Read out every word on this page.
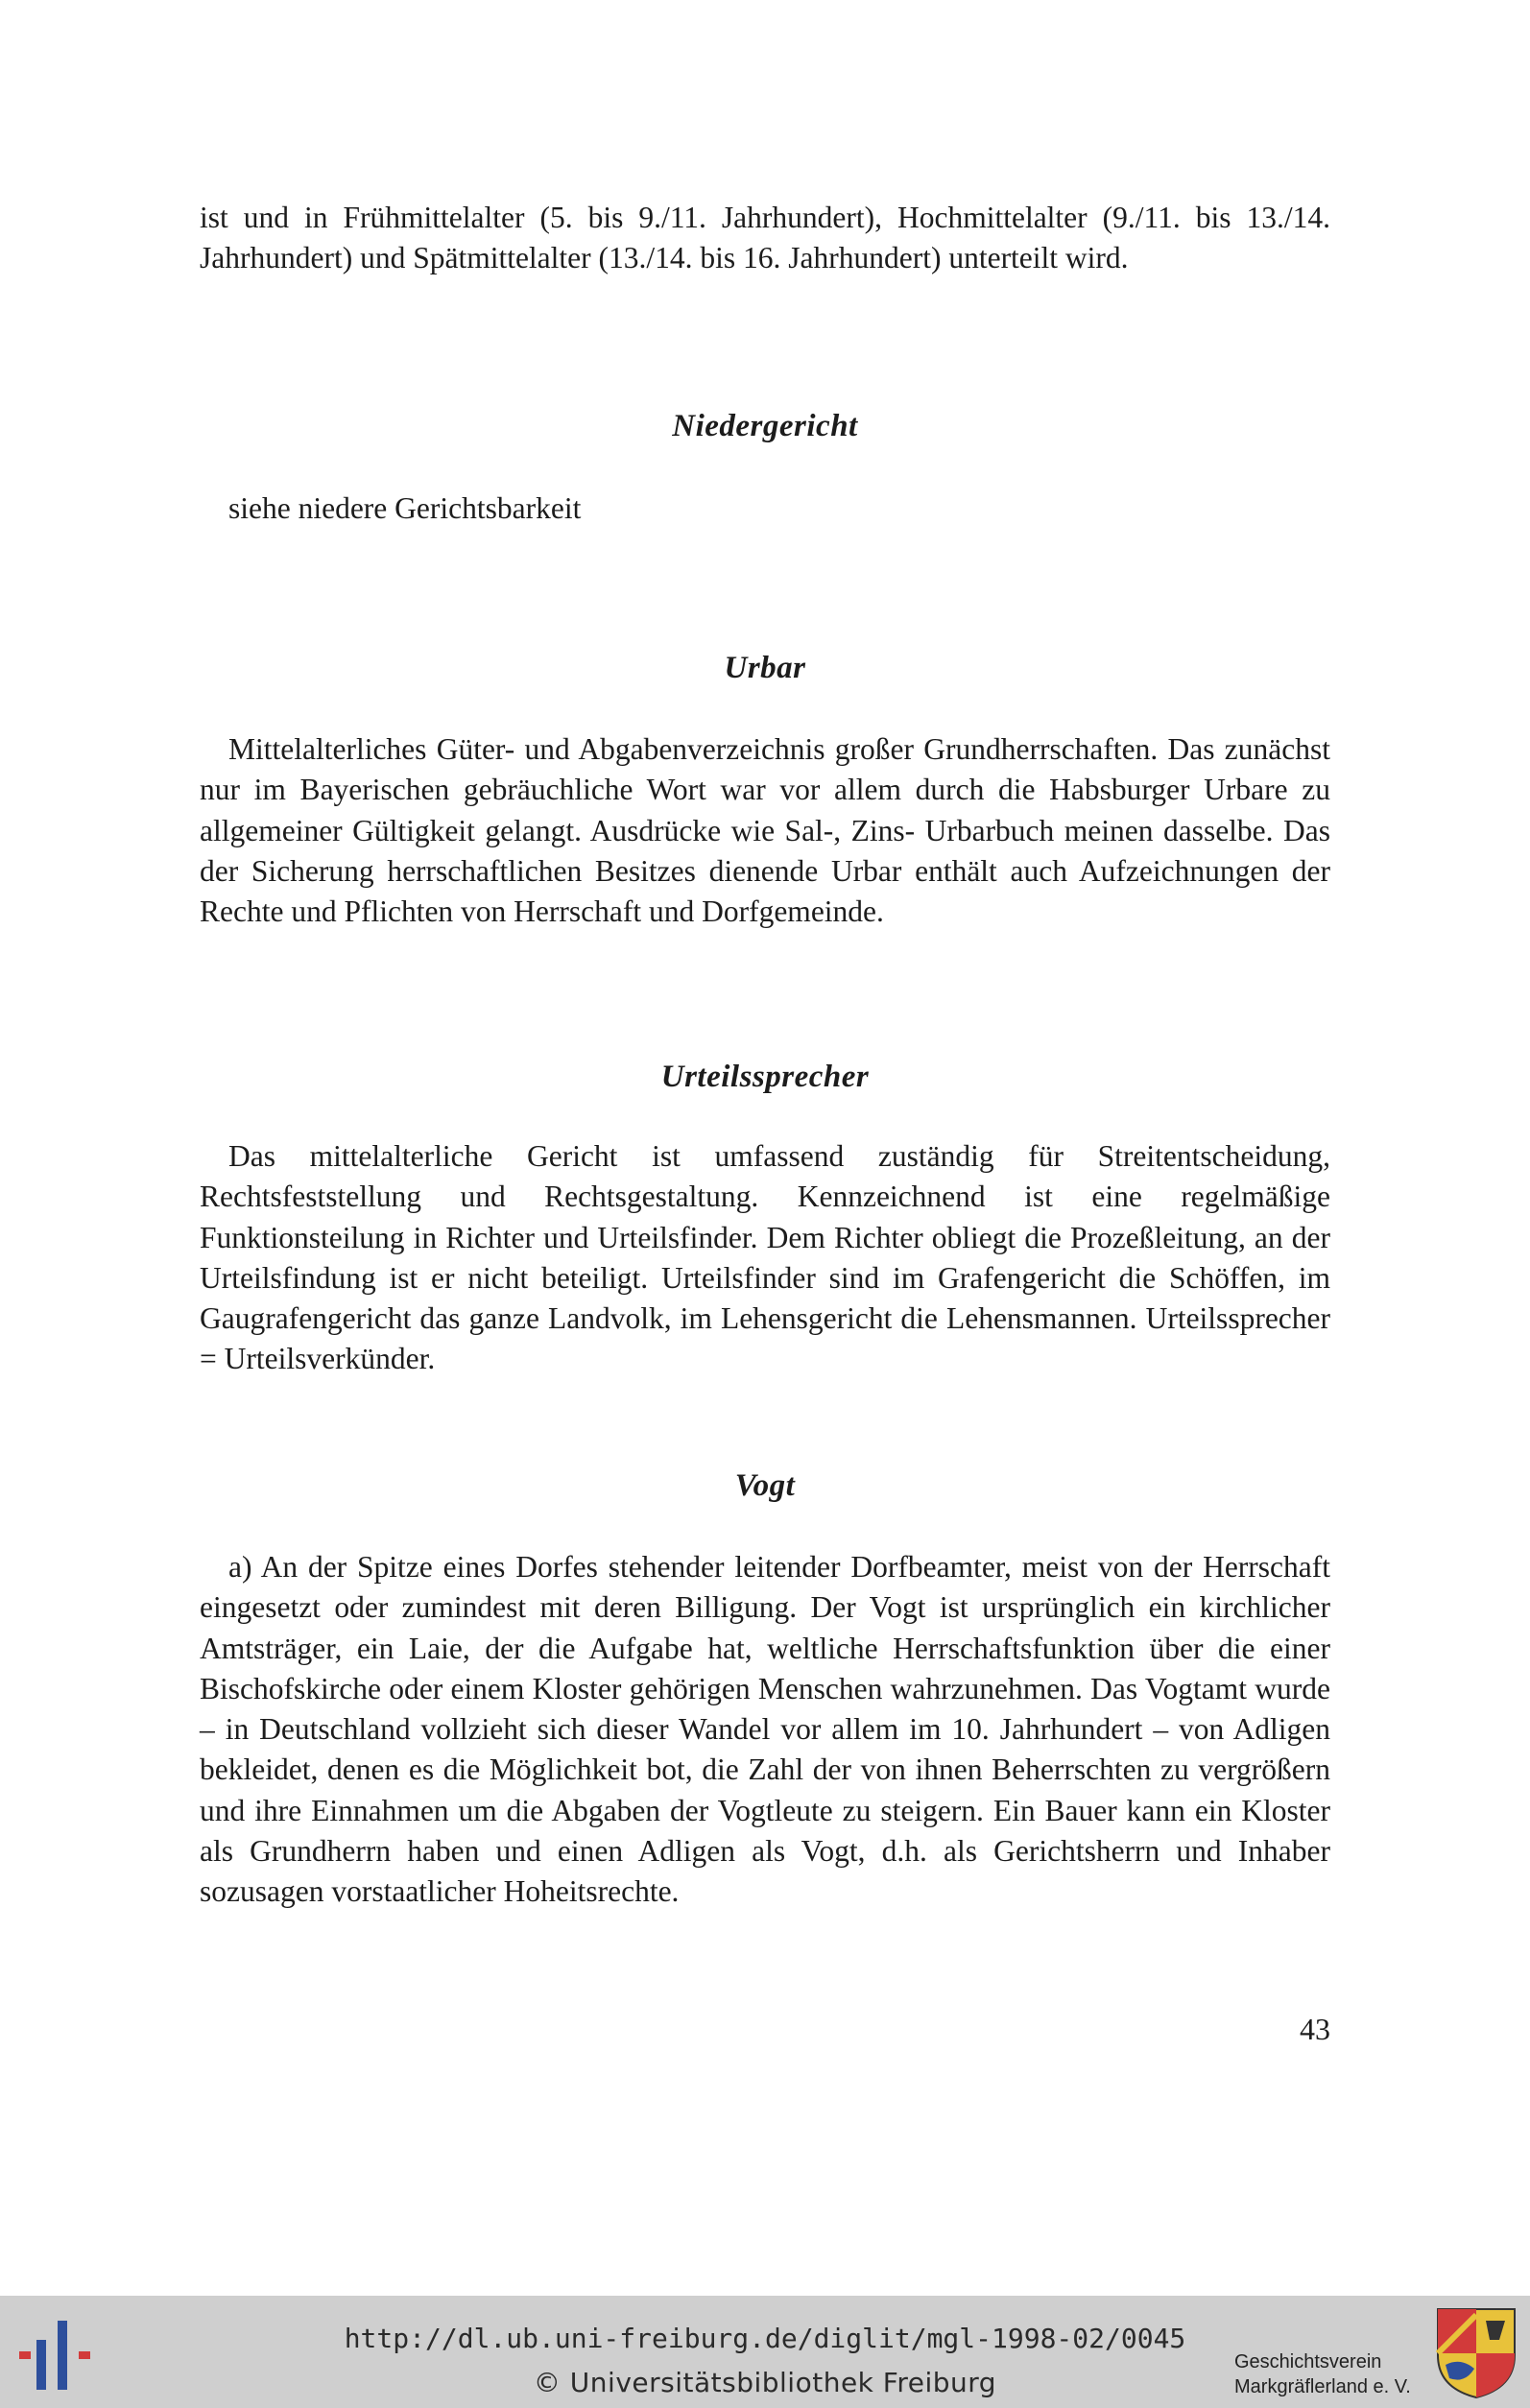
ist und in Frühmittelalter (5. bis 9./11. Jahrhundert), Hochmittelalter (9./11. bis 13./14. Jahrhundert) und Spätmittelalter (13./14. bis 16. Jahrhundert) unterteilt wird.

Niedergericht

siehe niedere Gerichtsbarkeit

Urbar

Mittelalterliches Güter- und Abgabenverzeichnis großer Grundherrschaften. Das zunächst nur im Bayerischen gebräuchliche Wort war vor allem durch die Habsburger Urbare zu allgemeiner Gültigkeit gelangt. Ausdrücke wie Sal-, Zins- Urbarbuch meinen dasselbe. Das der Sicherung herrschaftlichen Besitzes dienende Urbar enthält auch Aufzeichnungen der Rechte und Pflichten von Herrschaft und Dorfgemeinde.

Urteilssprecher

Das mittelalterliche Gericht ist umfassend zuständig für Streitentscheidung, Rechtsfeststellung und Rechtsgestaltung. Kennzeichnend ist eine regelmäßige Funktionsteilung in Richter und Urteilsfinder. Dem Richter obliegt die Prozeßleitung, an der Urteilsfindung ist er nicht beteiligt. Urteilsfinder sind im Grafengericht die Schöffen, im Gaugrafengericht das ganze Landvolk, im Lehensgericht die Lehensmannen. Urteilssprecher = Urteilsverkünder.

Vogt

a) An der Spitze eines Dorfes stehender leitender Dorfbeamter, meist von der Herrschaft eingesetzt oder zumindest mit deren Billigung. Der Vogt ist ursprünglich ein kirchlicher Amtsträger, ein Laie, der die Aufgabe hat, weltliche Herrschaftsfunktion über die einer Bischofskirche oder einem Kloster gehörigen Menschen wahrzunehmen. Das Vogtamt wurde – in Deutschland vollzieht sich dieser Wandel vor allem im 10. Jahrhundert – von Adligen bekleidet, denen es die Möglichkeit bot, die Zahl der von ihnen Beherrschten zu vergrößern und ihre Einnahmen um die Abgaben der Vogtleute zu steigern. Ein Bauer kann ein Kloster als Grundherrn haben und einen Adligen als Vogt, d.h. als Gerichtsherrn und Inhaber sozusagen vorstaatlicher Hoheitsrechte.

43
http://dl.ub.uni-freiburg.de/diglit/mgl-1998-02/0045
© Universitätsbibliothek Freiburg
Geschichtsverein
Markgräflerland e. V.
